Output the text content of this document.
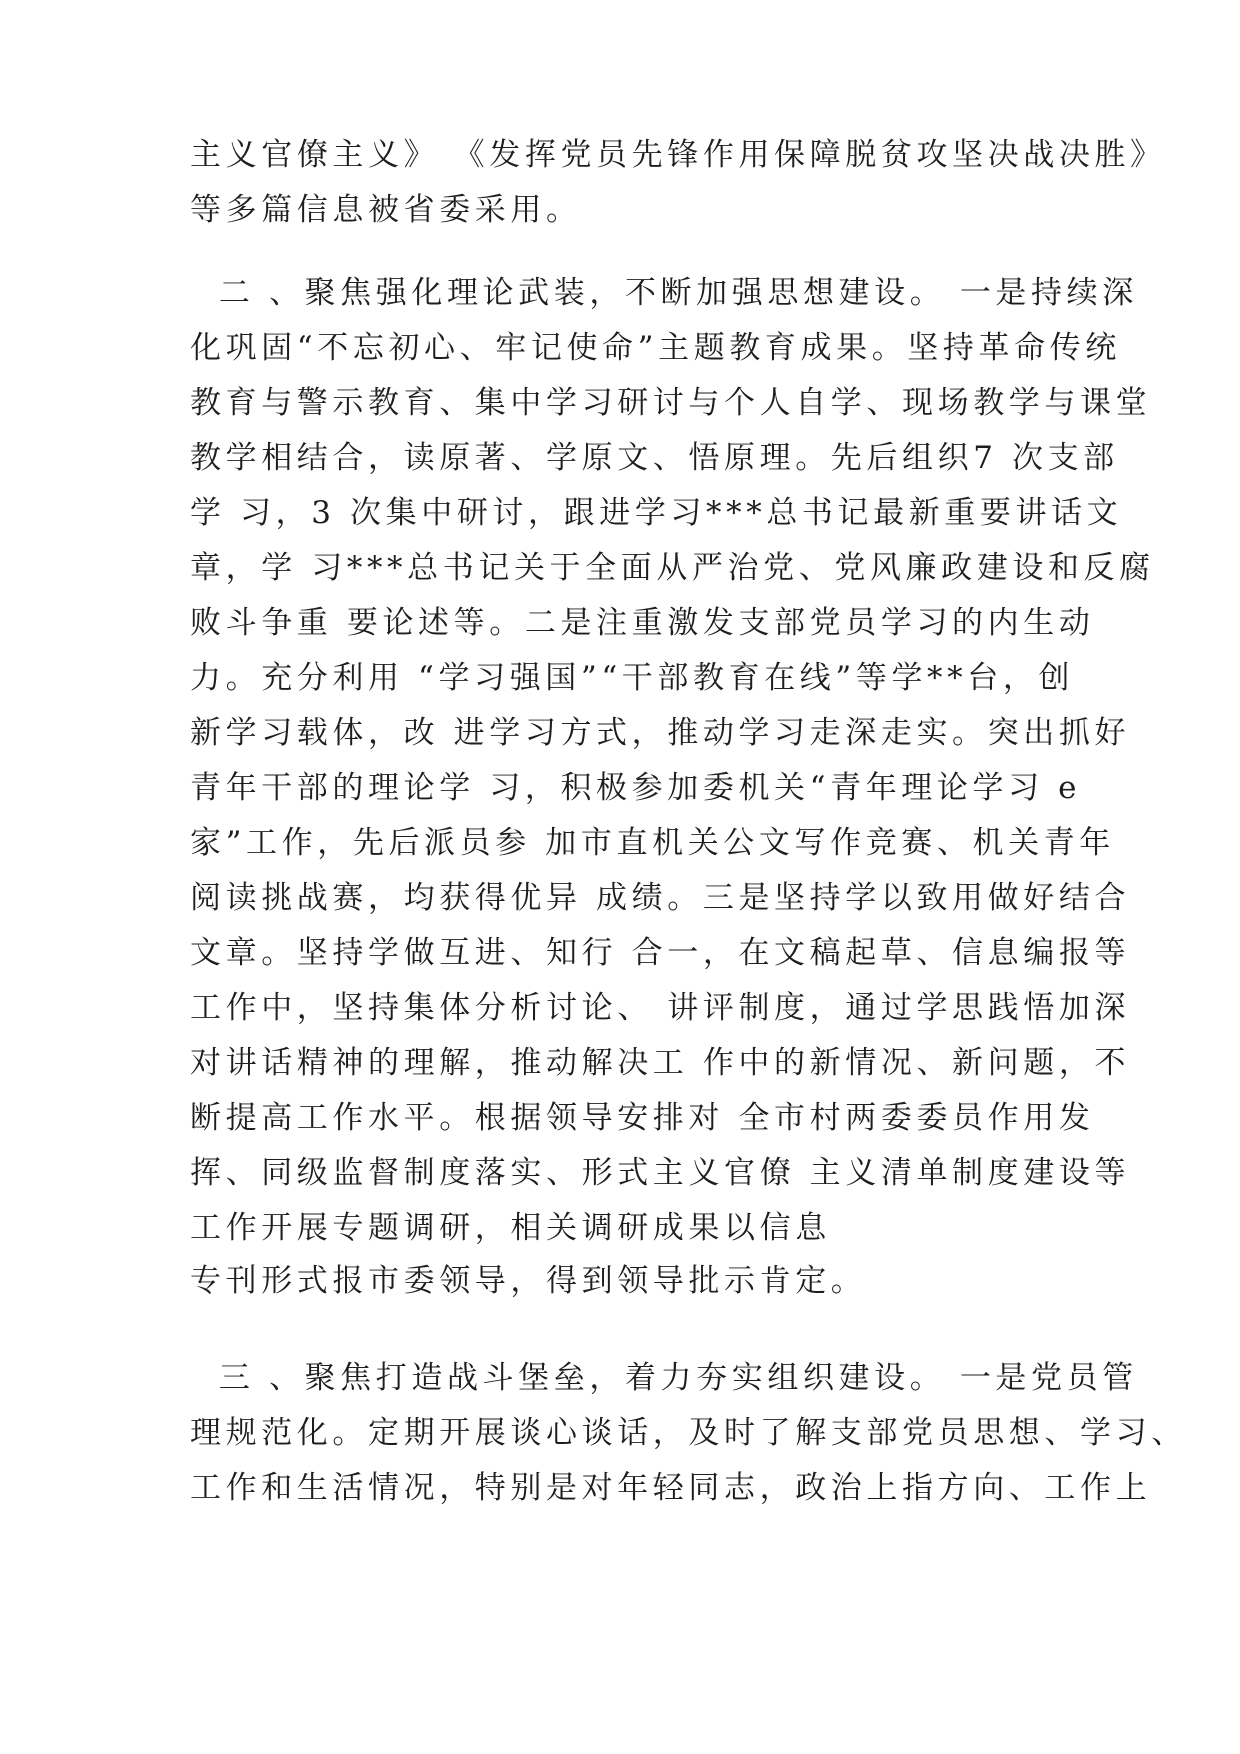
主义官僚主义》 《发挥党员先锋作用保障脱贫攻坚决战决胜》
等多篇信息被省委采用。
二 、聚焦强化理论武装，不断加强思想建设。 一是持续深
化巩固“不忘初心、牢记使命”主题教育成果。坚持革命传统
教育与警示教育、集中学习研讨与个人自学、现场教学与课堂
教学相结合，读原著、学原文、悟原理。先后组织7 次支部
学 习，3 次集中研讨，跟进学习***总书记最新重要讲话文
章，学 习***总书记关于全面从严治党、党风廉政建设和反腐
败斗争重 要论述等。二是注重激发支部党员学习的内生动
力。充分利用 “学习强国”“干部教育在线”等学**台，创
新学习载体，改 进学习方式，推动学习走深走实。突出抓好
青年干部的理论学 习，积极参加委机关“青年理论学习 e
家”工作，先后派员参 加市直机关公文写作竞赛、机关青年
阅读挑战赛，均获得优异 成绩。三是坚持学以致用做好结合
文章。坚持学做互进、知行 合一，在文稿起草、信息编报等
工作中，坚持集体分析讨论、 讲评制度，通过学思践悟加深
对讲话精神的理解，推动解决工 作中的新情况、新问题，不
断提高工作水平。根据领导安排对 全市村两委委员作用发
挥、同级监督制度落实、形式主义官僚 主义清单制度建设等
工作开展专题调研，相关调研成果以信息
专刊形式报市委领导，得到领导批示肯定。
三 、聚焦打造战斗堡垒，着力夯实组织建设。 一是党员管
理规范化。定期开展谈心谈话，及时了解支部党员思想、学习、
工作和生活情况，特别是对年轻同志，政治上指方向、工作上
